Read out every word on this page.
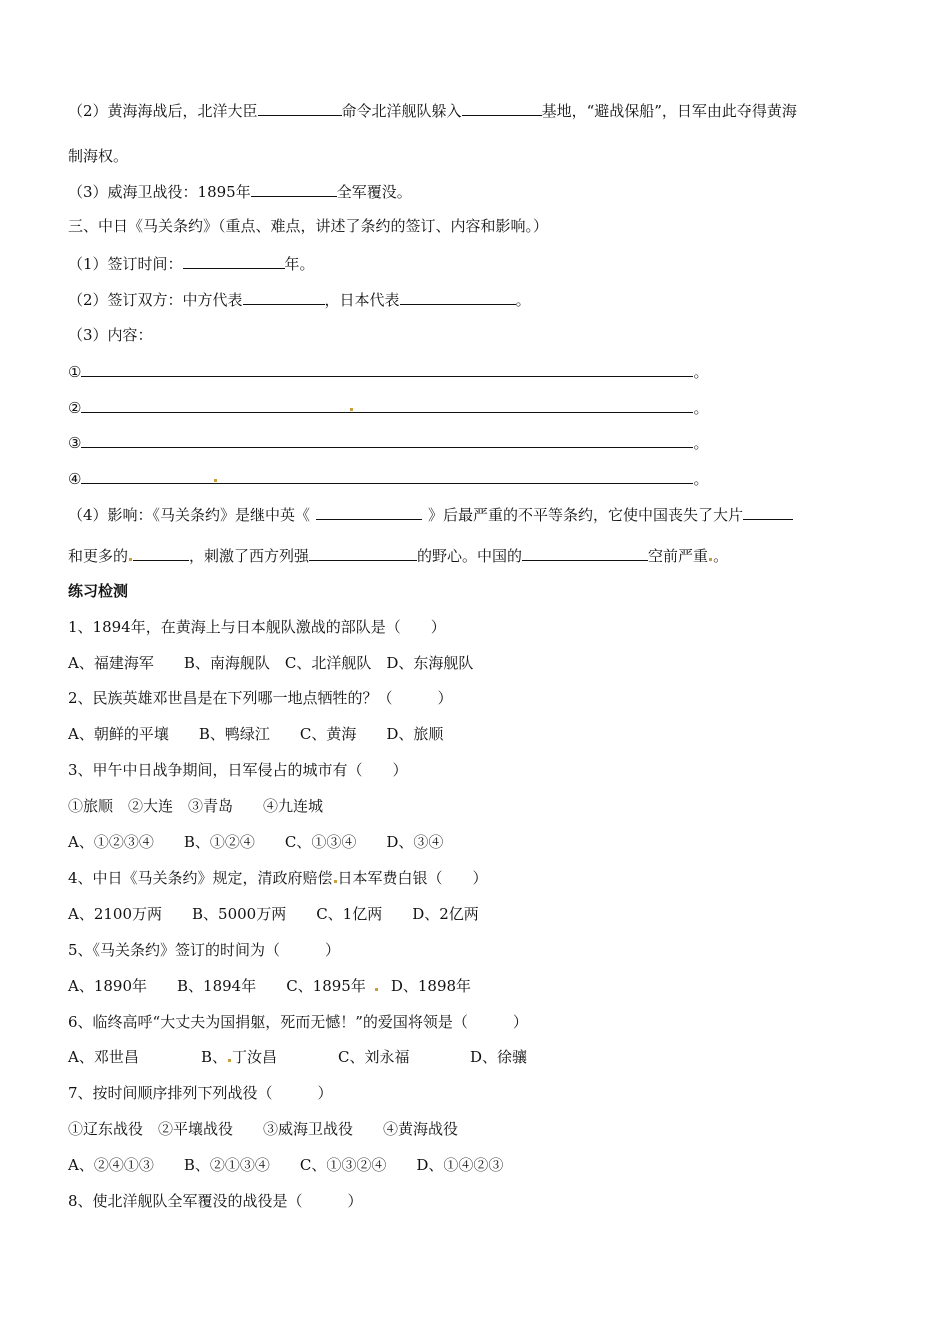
（2）黄海海战后，北洋大臣	命令北洋舰队躲入	基地，“避战保船”，日军由此夺得黄海
制海权。
（3）威海卫战役：1895年	全军覆没。
三、中日《马关条约》（重点、难点，讲述了条约的签订、内容和影响。）
（1）签订时间：	年。
（2）签订双方：中方代表	，日本代表	。
（3）内容：
①	。
②	。
③	。
④	。
（4）影响：《马关条约》是继中英《	》后最严重的不平等条约，它使中国丧失了大片
和更多的	，刺激了西方列强	的野心。中国的	空前严重 。
练习检测
1、1894年，在黄海上与日本舰队激战的部队是（　　）
A、福建海军　　B、南海舰队　C、北洋舰队　D、东海舰队
2、民族英雄邓世昌是在下列哪一地点牺牲的？（　　　）
A、朝鲜的平壤　　B、鸭绿江　　C、黄海　　D、旅顺
3、甲午中日战争期间，日军侵占的城市有（　　）
①旅顺　②大连　③青岛　　④九连城
A、①②③④　　B、①②④　　C、①③④　　D、③④
4、中日《马关条约》规定，清政府赔偿 日本军费白银（　　）
A、2100万两　　B、5000万两　　C、1亿两　　D、2亿两
5、《马关条约》签订的时间为（　　　）
A、1890年　　B、1894年　　C、1895年 D、1898年
6、临终高呼“大丈夫为国捐躯，死而无憾！”的爱国将领是（　　　）
A、邓世昌	B、 丁汝昌	C、刘永福	D、徐骧
7、按时间顺序排列下列战役（　　　）
①辽东战役　②平壤战役　　③威海卫战役　　④黄海战役
A、②④①③　　B、②①③④　　C、①③②④　　D、①④②③
8、使北洋舰队全军覆没的战役是（　　　）
